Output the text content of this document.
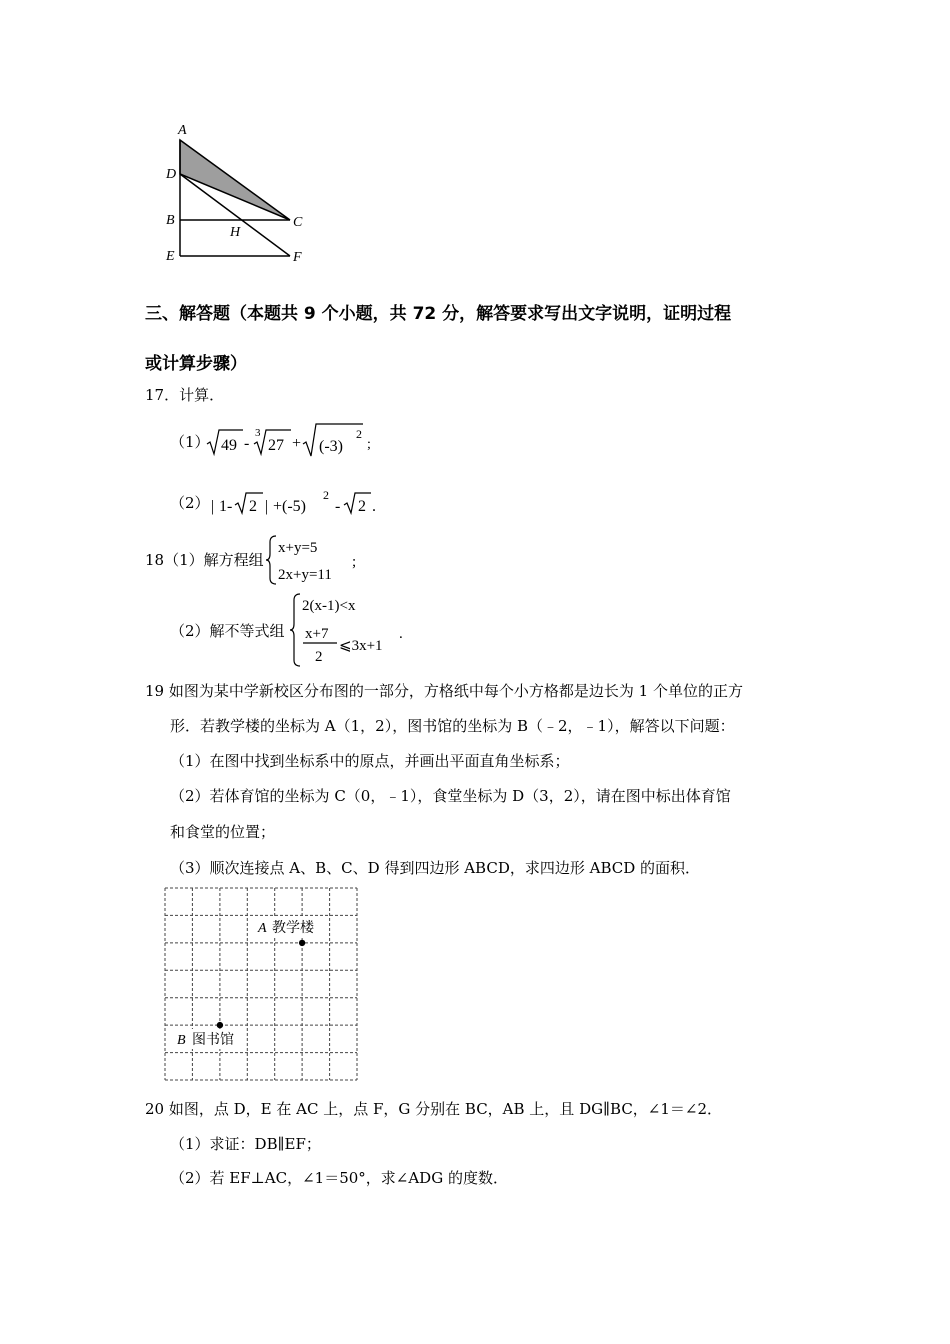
A
D
B	C
H
E	F
三、解答题（本题共 9 个小题，共 72 分，解答要求写出文字说明，证明过程
或计算步骤）
17．计算．
（1） 49 -
3
27 + (-3)
2
;
（2） | 1- 2 | +(-5)
2
- 2 .
18（1）解方程组
x+y=5
2x+y=11
;
（2）解不等式组
2(x-1)<x
x+7
2
⩽3x+1
.
19 如图为某中学新校区分布图的一部分，方格纸中每个小方格都是边长为 1 个单位的正方
形．若教学楼的坐标为 A（1，2），图书馆的坐标为 B（﹣2，﹣1），解答以下问题：
（1）在图中找到坐标系中的原点，并画出平面直角坐标系；
（2）若体育馆的坐标为 C（0，﹣1），食堂坐标为 D（3，2），请在图中标出体育馆
和食堂的位置；
（3）顺次连接点 A、B、C、D 得到四边形 ABCD，求四边形 ABCD 的面积．
A 教学楼
B 图书馆
20 如图，点 D，E 在 AC 上，点 F，G 分别在 BC，AB 上，且 DG∥BC，∠1＝∠2．
（1）求证：DB∥EF；
（2）若 EF⊥AC，∠1＝50°，求∠ADG 的度数．
